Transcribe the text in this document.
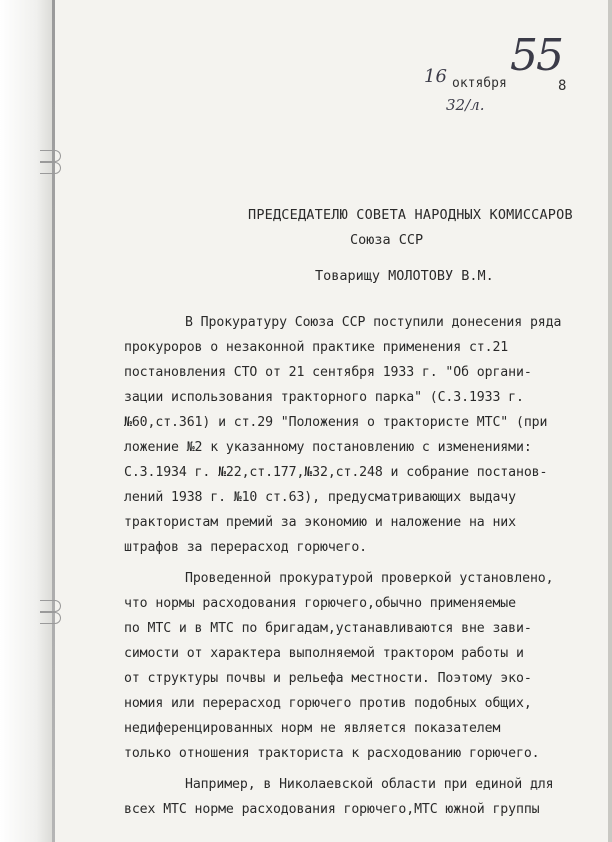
16 октября
32/л.
55
8
ПРЕДСЕДАТЕЛЮ СОВЕТА НАРОДНЫХ КОМИССАРОВ
Союза ССР
Товарищу МОЛОТОВУ В.М.
В Прокуратуру Союза ССР поступили донесения ряда
прокуроров о незаконной практике применения ст.21
постановления СТО от 21 сентября 1933 г. "Об органи-
зации использования тракторного парка" (С.З.1933 г.
№60,ст.361) и ст.29 "Положения о трактористе МТС" (при
ложение №2 к указанному постановлению с изменениями:
С.З.1934 г. №22,ст.177,№32,ст.248 и собрание постанов-
лений 1938 г. №10 ст.63), предусматривающих выдачу
трактористам премий за экономию и наложение на них
штрафов за перерасход горючего.
Проведенной прокуратурой проверкой установлено,
что нормы расходования горючего,обычно применяемые
по МТС и в МТС по бригадам,устанавливаются вне зави-
симости от характера выполняемой трактором работы и
от структуры почвы и рельефа местности. Поэтому эко-
номия или перерасход горючего против подобных общих,
недиференцированных норм не является показателем
только отношения тракториста к расходованию горючего.
Например, в Николаевской области при единой для
всех МТС норме расходования горючего,МТС южной группы
